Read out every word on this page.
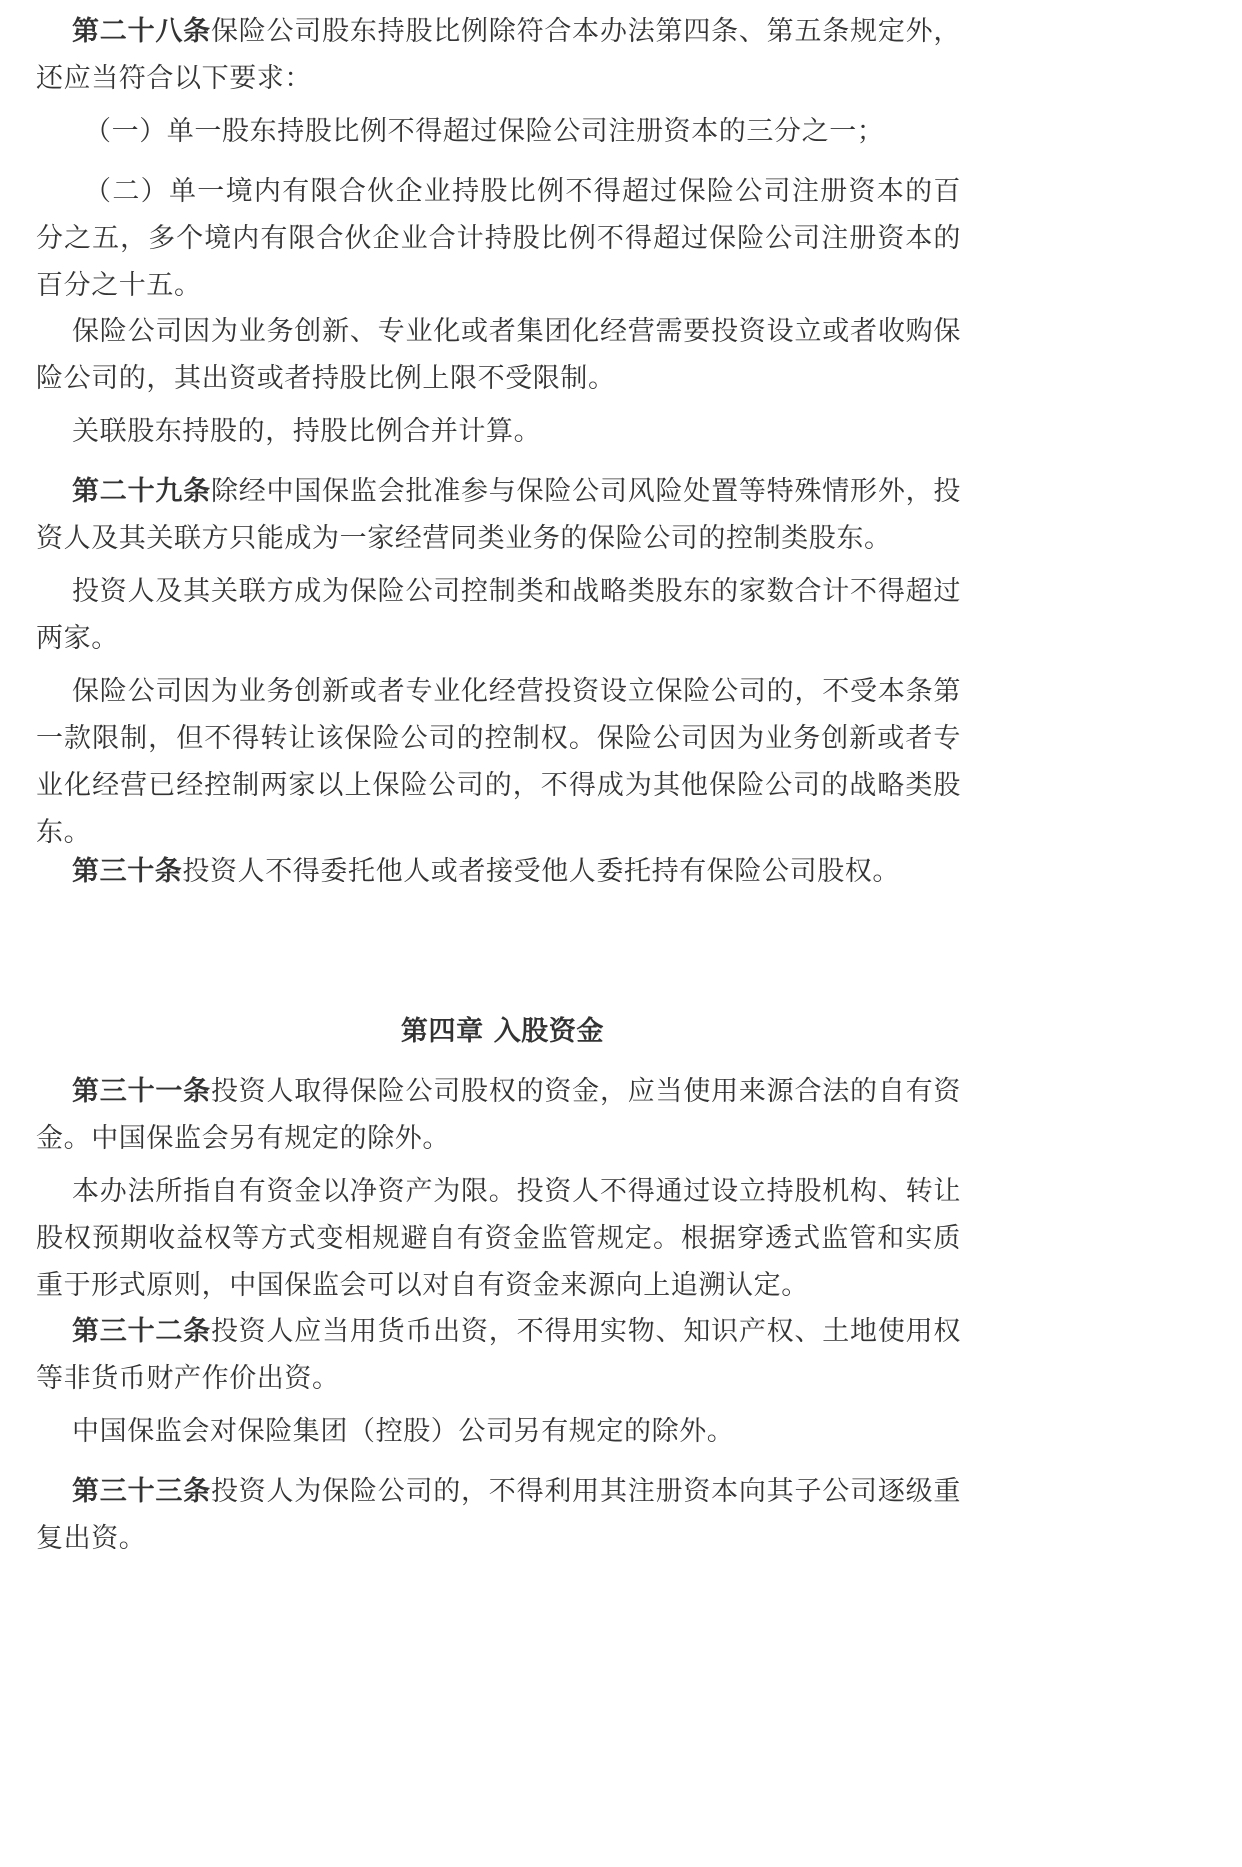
第二十八条保险公司股东持股比例除符合本办法第四条、第五条规定外，还应当符合以下要求：

（一）单一股东持股比例不得超过保险公司注册资本的三分之一；

（二）单一境内有限合伙企业持股比例不得超过保险公司注册资本的百分之五，多个境内有限合伙企业合计持股比例不得超过保险公司注册资本的百分之十五。

保险公司因为业务创新、专业化或者集团化经营需要投资设立或者收购保险公司的，其出资或者持股比例上限不受限制。

关联股东持股的，持股比例合并计算。

第二十九条除经中国保监会批准参与保险公司风险处置等特殊情形外，投资人及其关联方只能成为一家经营同类业务的保险公司的控制类股东。

投资人及其关联方成为保险公司控制类和战略类股东的家数合计不得超过两家。

保险公司因为业务创新或者专业化经营投资设立保险公司的，不受本条第一款限制，但不得转让该保险公司的控制权。保险公司因为业务创新或者专业化经营已经控制两家以上保险公司的，不得成为其他保险公司的战略类股东。

第三十条投资人不得委托他人或者接受他人委托持有保险公司股权。

第四章 入股资金

第三十一条投资人取得保险公司股权的资金，应当使用来源合法的自有资金。中国保监会另有规定的除外。

本办法所指自有资金以净资产为限。投资人不得通过设立持股机构、转让股权预期收益权等方式变相规避自有资金监管规定。根据穿透式监管和实质重于形式原则，中国保监会可以对自有资金来源向上追溯认定。

第三十二条投资人应当用货币出资，不得用实物、知识产权、土地使用权等非货币财产作价出资。

中国保监会对保险集团（控股）公司另有规定的除外。

第三十三条投资人为保险公司的，不得利用其注册资本向其子公司逐级重复出资。
